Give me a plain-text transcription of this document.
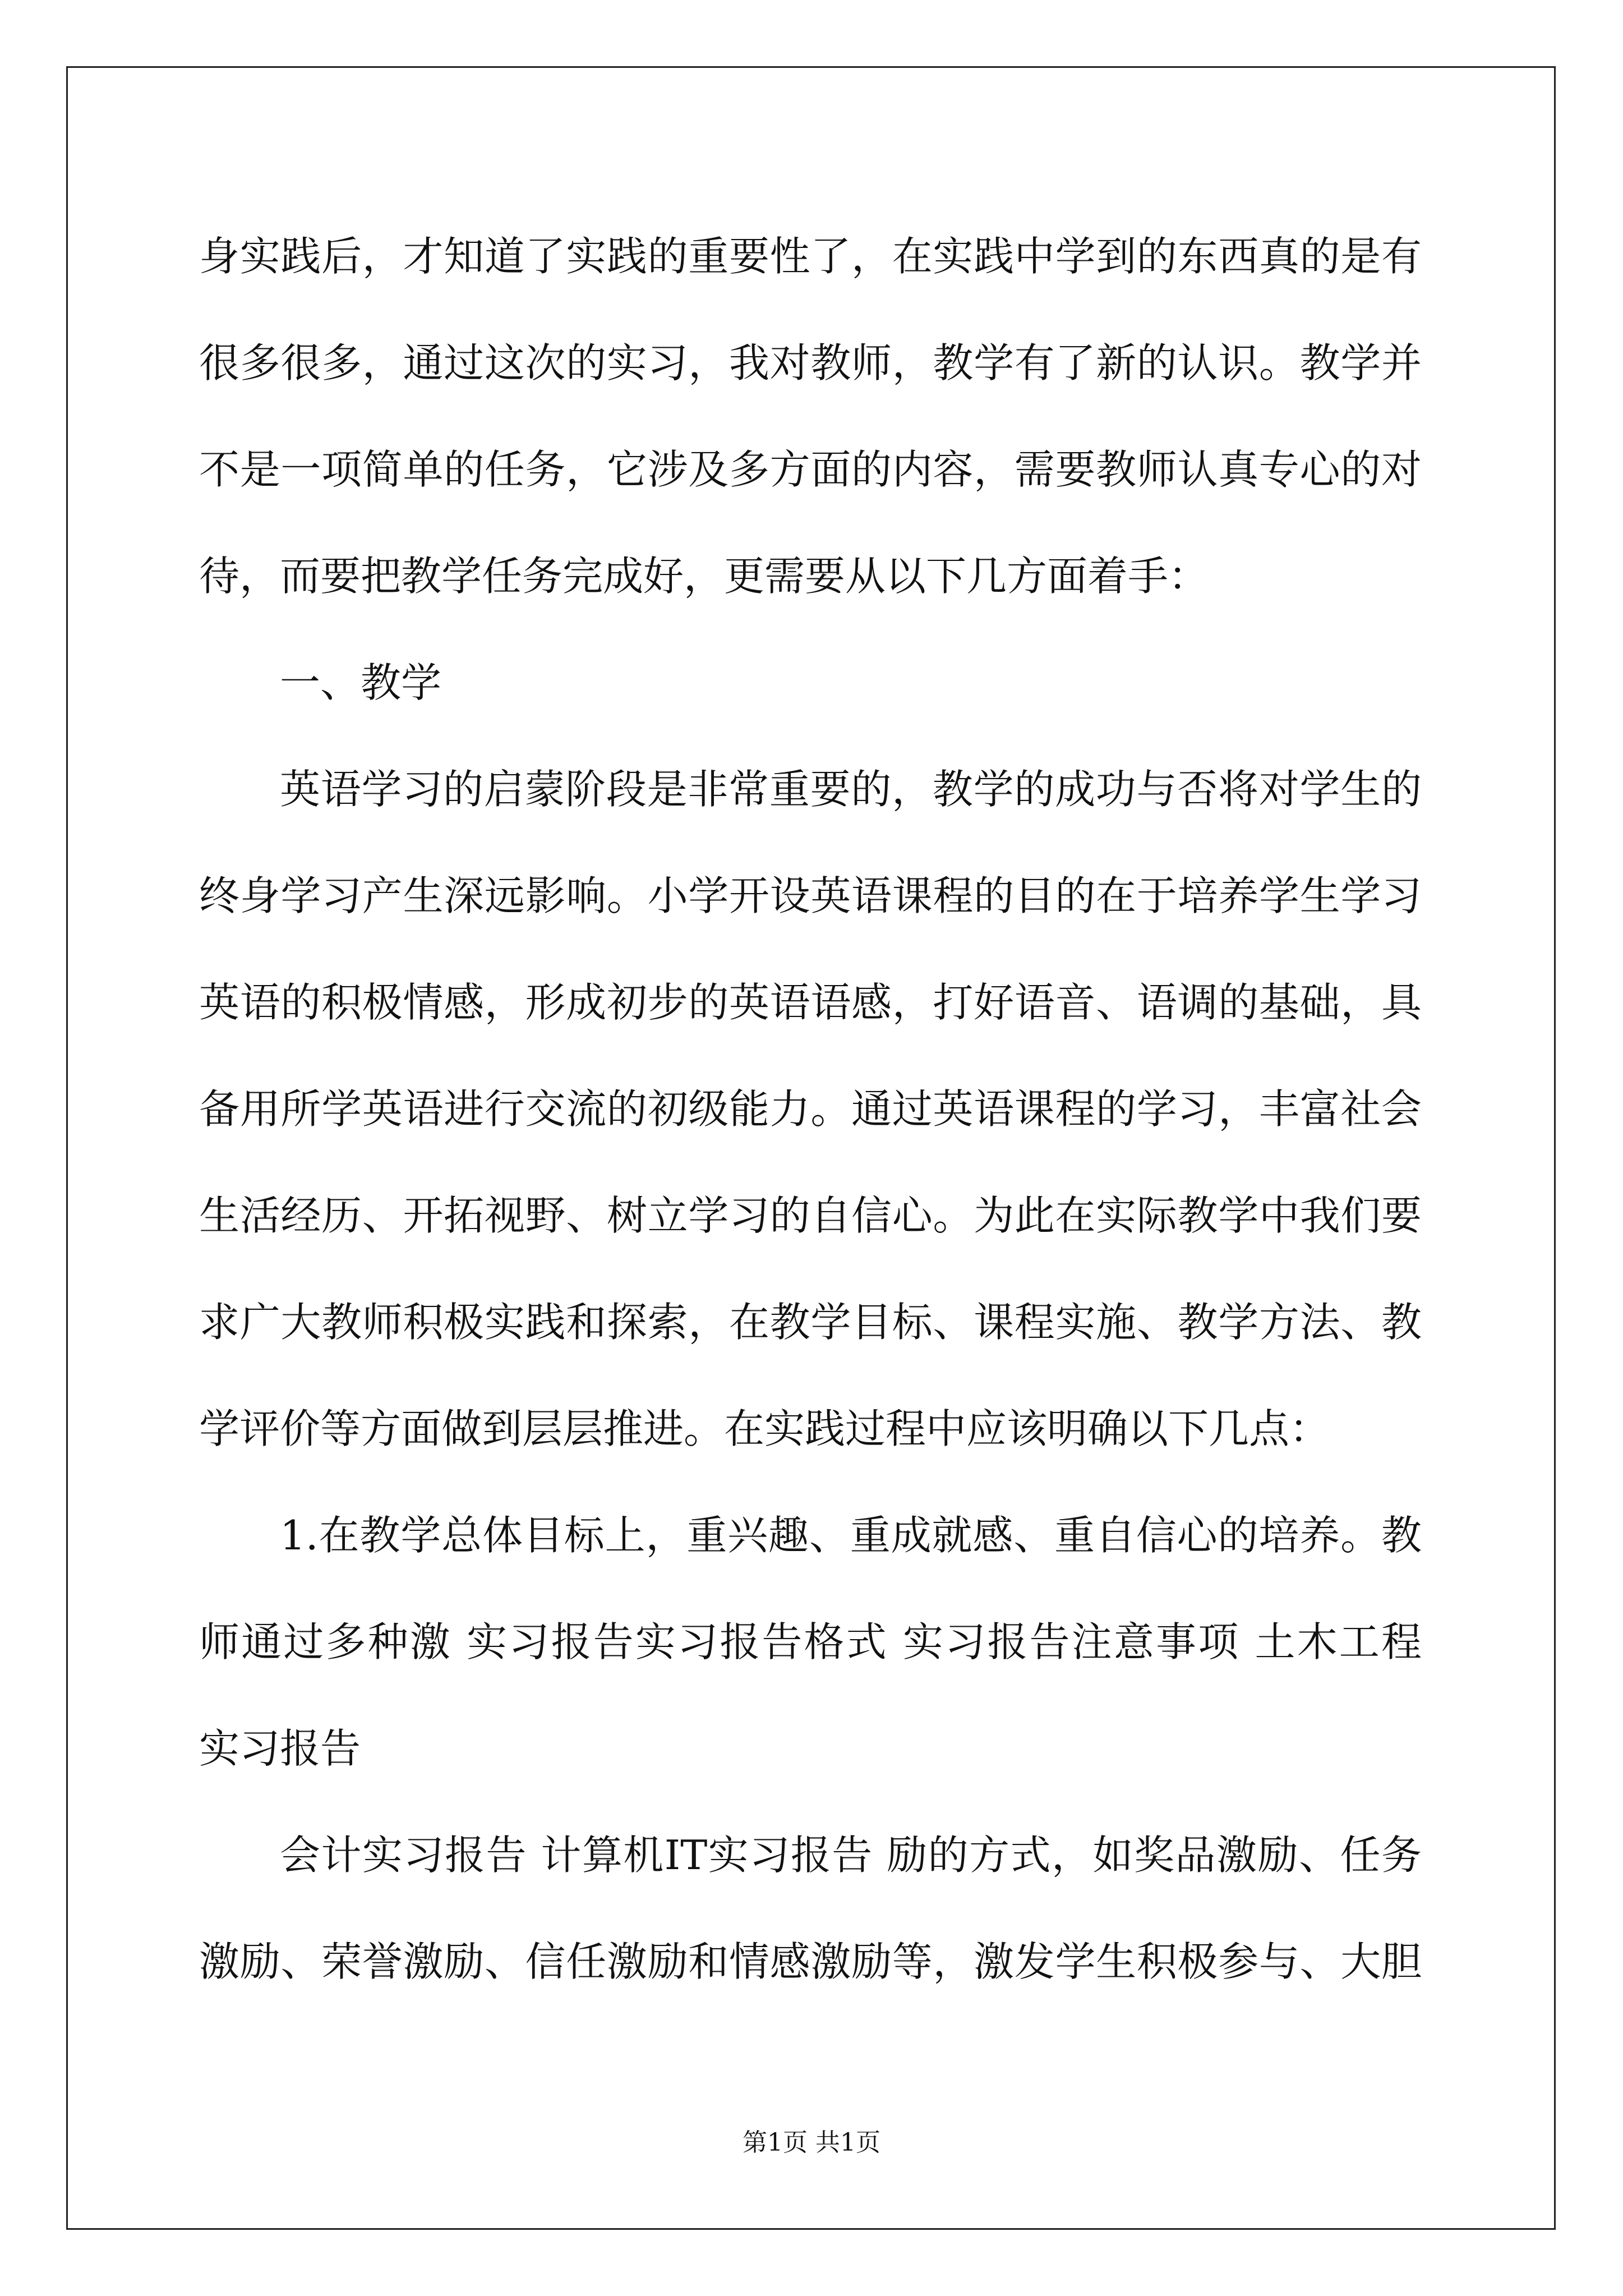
身实践后，才知道了实践的重要性了，在实践中学到的东西真的是有
很多很多，通过这次的实习，我对教师，教学有了新的认识。教学并
不是一项简单的任务，它涉及多方面的内容，需要教师认真专心的对
待，而要把教学任务完成好，更需要从以下几方面着手：
一、教学
英语学习的启蒙阶段是非常重要的，教学的成功与否将对学生的
终身学习产生深远影响。小学开设英语课程的目的在于培养学生学习
英语的积极情感，形成初步的英语语感，打好语音、语调的基础，具
备用所学英语进行交流的初级能力。通过英语课程的学习，丰富社会
生活经历、开拓视野、树立学习的自信心。为此在实际教学中我们要
求广大教师积极实践和探索，在教学目标、课程实施、教学方法、教
学评价等方面做到层层推进。在实践过程中应该明确以下几点：
1.在教学总体目标上，重兴趣、重成就感、重自信心的培养。教
师通过多种激 实习报告实习报告格式 实习报告注意事项 土木工程
实习报告
会计实习报告 计算机IT实习报告 励的方式，如奖品激励、任务
激励、荣誉激励、信任激励和情感激励等，激发学生积极参与、大胆
第1页 共1页
